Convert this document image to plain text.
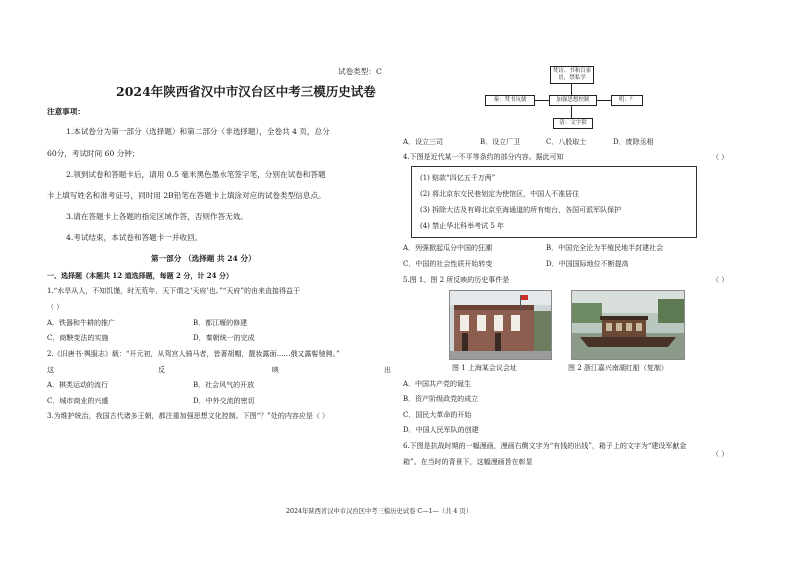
试卷类型：C
2024年陕西省汉中市汉台区中考三模历史试卷
注意事项：
1.本试卷分为第一部分（选择题）和第二部分（非选择题），全卷共 4 页，总分
60分，考试时间 60 分钟；
2.领到试卷和答题卡后，请用 0.5 毫米黑色墨水笔签字笔，分别在试卷和答题
卡上填写姓名和准考证号，同时用 2B铅笔在答题卡上填涂对应的试卷类型信息点。
3.请在答题卡上各题的指定区域作答，否则作答无效。
4.考试结束，本试卷和答题卡一并收回。
第一部分 （选择题 共 24 分）
一、选择题（本题共 12 道选择题，每题 2 分，计 24 分）
1.“水旱从人，不知饥馑，时无荒年，天下谓之‘天府’也。”“天府”的由来直接得益于
（ ）
A．铁器和牛耕的推广	B．都江堰的修建
C．商鞅变法的实施	D．秦朝统一的完成
2.《旧唐书·舆服志》载：“开元初，从驾宫人骑马者，皆著胡帽，靓妆露面……俄又露髻驰骋。”
这	反	映	出
A．棋类运动的流行	B．社会风气的开放
C．城市商业的兴盛	D．中外交流的密切
3.为维护统治，我国古代诸多王朝，都注重加强思想文化控制。下图“？”处的内容应是（ ）
焚诗、书和百家语，禁私学
秦：焚书坑儒	加强思想控制	明：？
清：文字狱
A．设立三司	B．设立厂卫	C．八股取士	D．废除丞相
4.下图是近代某一不平等条约的部分内容。据此可知	（ ）
(1) 赔款“四亿五千万两”
(2) 将北京东交民巷划定为使馆区，中国人不准居住
(3) 拆除大沽及有碍北京至海通道的所有炮台，各国可派军队保护
(4) 禁止华北科举考试 5 年
A．列强掀起瓜分中国的狂潮	B．中国完全沦为半殖民地半封建社会
C．中国的社会性质开始转变	D．中国国际地位不断提高
5.图 1、图 2 所反映的历史事件是	（ ）
图 1 上海某会议会址	图 2 浙江嘉兴南湖红船（复制）
A．中国共产党的诞生
B．资产阶级政党的成立
C．国民大革命的开始
D．中国人民军队的创建
6.下图是抗战时期的一幅漫画，漫画右侧文字为“有钱的出钱”，箱子上的文字为“建设军献金
箱”。在当时的背景下，这幅漫画旨在彰显
（ ）
2024年陕西省汉中市汉台区中考三模历史试卷 C—1—（共 4 页）
